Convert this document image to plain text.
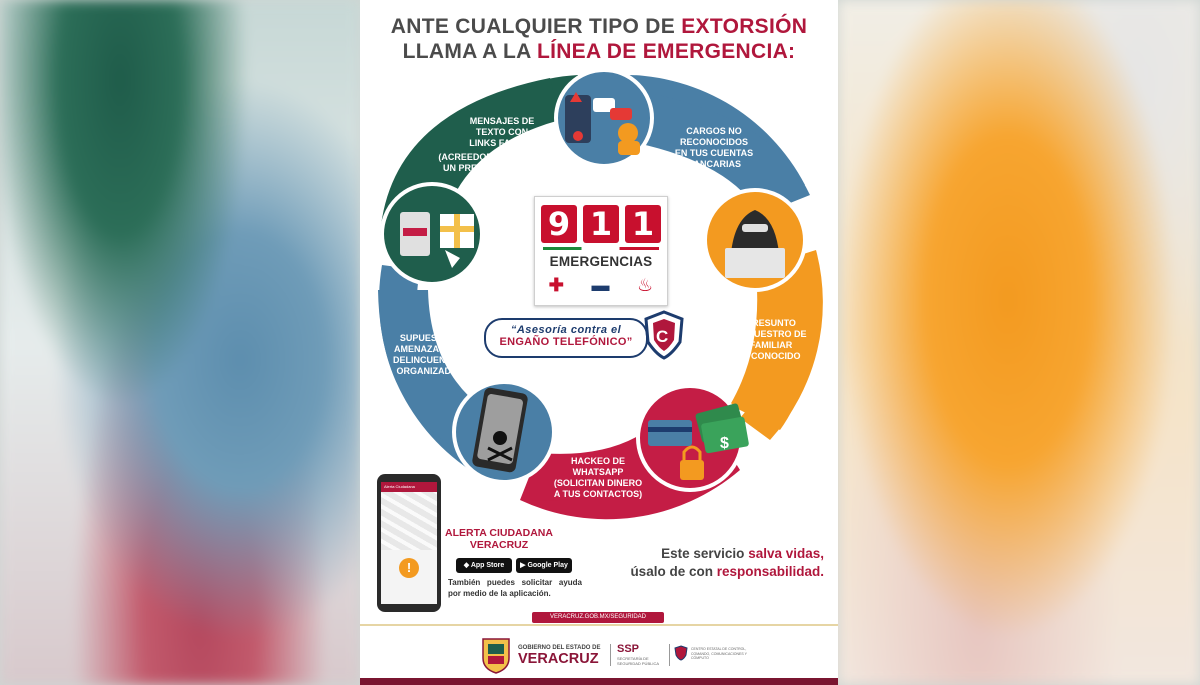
ANTE CUALQUIER TIPO DE EXTORSIÓN
LLAMA A LA LÍNEA DE EMERGENCIA:
$
MENSAJES DE
TEXTO CON
LINKS FALSOS
(ACREEDOR A
UN PREMIO)
CARGOS NO
RECONOCIDOS
EN TUS CUENTAS
BANCARIAS
PRESUNTO
SECUESTRO DE
FAMILIAR
O CONOCIDO
HACKEO DE
WHATSAPP
(SOLICITAN DINERO
A TUS CONTACTOS)
SUPUESTAS
AMENAZAS DE
DELINCUENCIA
ORGANIZADA
9 1 1
EMERGENCIAS
✚ ▬ ♨
“Asesoría contra el
ENGAÑO TELEFÓNICO”	C
Alerta Ciudadana
!
ALERTA CIUDADANA
VERACRUZ
◆ App Store	▶ Google Play
También puedes solicitar ayuda por medio de la aplicación.
Este servicio salva vidas,
úsalo de con responsabilidad.
VERACRUZ.GOB.MX/SEGURIDAD
GOBIERNO DEL ESTADO DE
VERACRUZ
SSP
SECRETARÍA DE SEGURIDAD PÚBLICA
CENTRO ESTATAL DE CONTROL, COMANDO, COMUNICACIONES Y CÓMPUTO
